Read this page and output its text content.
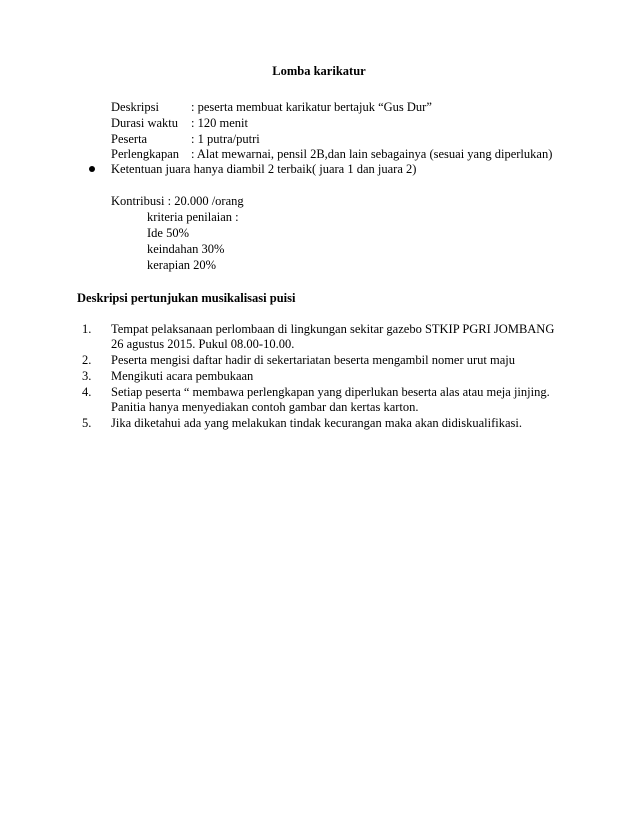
Lomba karikatur
Deskripsi	: peserta membuat karikatur bertajuk “Gus Dur”
Durasi waktu : 120 menit
Peserta	: 1 putra/putri
Perlengkapan : Alat mewarnai, pensil 2B,dan lain sebagainya (sesuai yang diperlukan)
Ketentuan juara hanya diambil 2 terbaik( juara 1 dan juara 2)
Kontribusi : 20.000 /orang
kriteria penilaian :
Ide 50%
keindahan 30%
kerapian 20%
Deskripsi pertunjukan musikalisasi puisi
1. Tempat pelaksanaan perlombaan di lingkungan sekitar gazebo STKIP PGRI JOMBANG
26 agustus 2015. Pukul 08.00-10.00.
2. Peserta mengisi daftar hadir di sekertariatan beserta mengambil nomer urut maju
3. Mengikuti acara pembukaan
4. Setiap peserta “ membawa perlengkapan yang diperlukan beserta alas atau meja jinjing.
Panitia hanya menyediakan contoh gambar dan kertas karton.
5. Jika diketahui ada yang melakukan tindak kecurangan maka akan didiskualifikasi.
